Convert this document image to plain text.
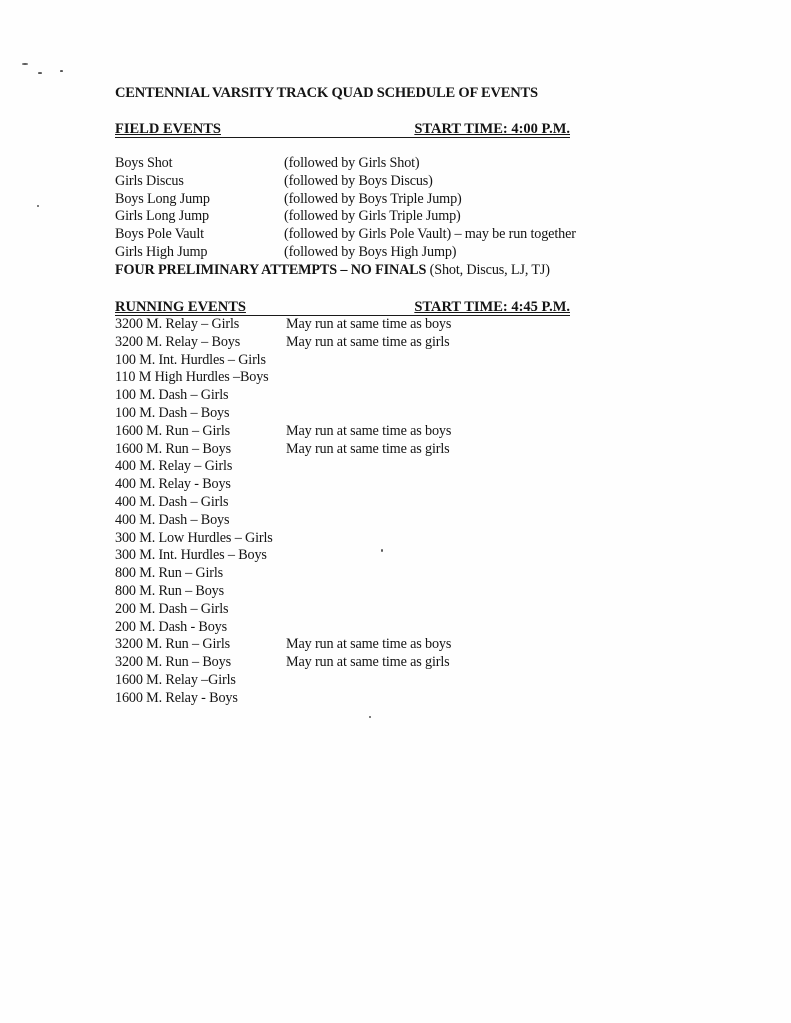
CENTENNIAL VARSITY TRACK QUAD SCHEDULE OF EVENTS
FIELD EVENTS	START TIME: 4:00 P.M.
Boys Shot	(followed by Girls Shot)
Girls Discus	(followed by Boys Discus)
Boys Long Jump	(followed by Boys Triple Jump)
Girls Long Jump	(followed by Girls Triple Jump)
Boys Pole Vault	(followed by Girls Pole Vault) – may be run together
Girls High Jump	(followed by Boys High Jump)
FOUR PRELIMINARY ATTEMPTS – NO FINALS (Shot, Discus, LJ, TJ)
RUNNING EVENTS	START TIME: 4:45 P.M.
3200 M. Relay – Girls	May run at same time as boys
3200 M. Relay – Boys	May run at same time as girls
100 M. Int. Hurdles – Girls
110 M High Hurdles –Boys
100 M. Dash – Girls
100 M. Dash – Boys
1600 M. Run – Girls	May run at same time as boys
1600 M. Run – Boys	May run at same time as girls
400 M. Relay – Girls
400 M. Relay - Boys
400 M. Dash – Girls
400 M. Dash – Boys
300 M. Low Hurdles – Girls
300 M. Int. Hurdles – Boys
800 M. Run – Girls
800 M. Run – Boys
200 M. Dash – Girls
200 M. Dash - Boys
3200 M. Run – Girls	May run at same time as boys
3200 M. Run – Boys	May run at same time as girls
1600 M. Relay –Girls
1600 M. Relay - Boys
